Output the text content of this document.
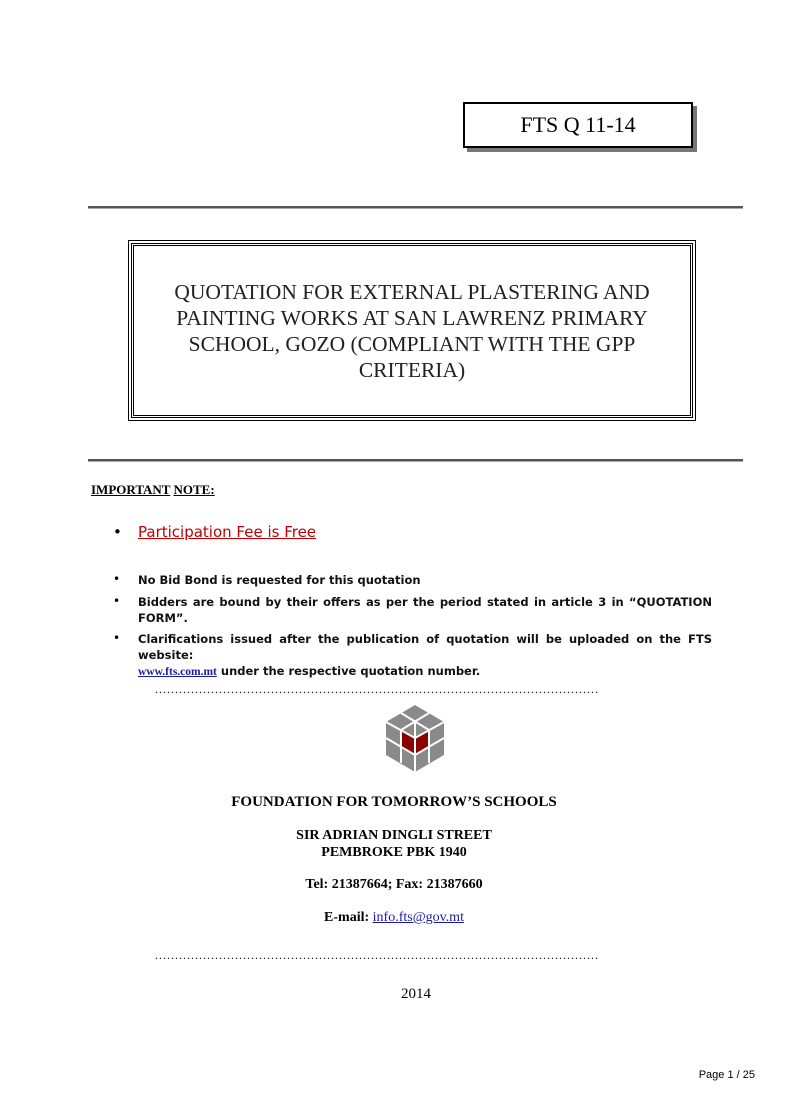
FTS Q 11-14
QUOTATION FOR EXTERNAL PLASTERING AND PAINTING WORKS AT SAN LAWRENZ PRIMARY SCHOOL, GOZO (COMPLIANT WITH THE GPP CRITERIA)
IMPORTANT NOTE:
• Participation Fee is Free
• No Bid Bond is requested for this quotation
• Bidders are bound by their offers as per the period stated in article 3 in “QUOTATION FORM”.
• Clarifications issued after the publication of quotation will be uploaded on the FTS website:
www.fts.com.mt under the respective quotation number.
...............................................................................................................
FOUNDATION FOR TOMORROW’S SCHOOLS
SIR ADRIAN DINGLI STREET
PEMBROKE PBK 1940
Tel: 21387664; Fax: 21387660
E-mail: info.fts@gov.mt
...............................................................................................................
2014
Page 1 / 25
